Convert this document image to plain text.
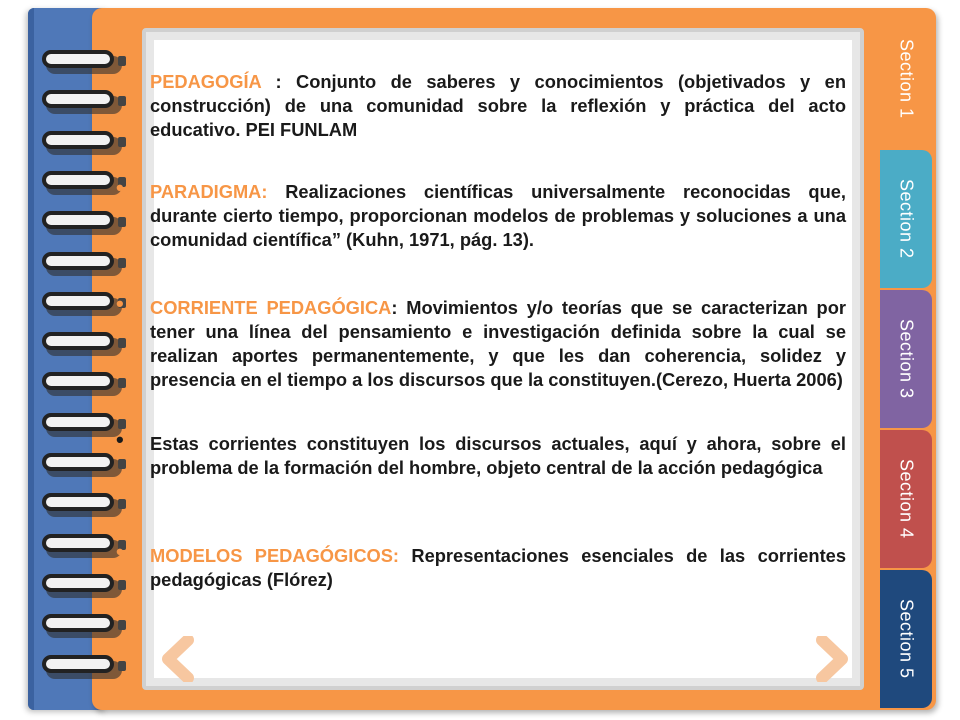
Section 1
Section 2
Section 3
Section 4
Section 5
PEDAGOGÍA : Conjunto de saberes y conocimientos (objetivados y en construcción) de una comunidad sobre la reflexión y práctica del acto educativo. PEI FUNLAM
• PARADIGMA: Realizaciones científicas universalmente reconocidas que, durante cierto tiempo, proporcionan modelos de problemas y soluciones a una comunidad científica” (Kuhn, 1971, pág. 13).
• CORRIENTE PEDAGÓGICA: Movimientos y/o teorías que se caracterizan por tener una línea del pensamiento e investigación definida sobre la cual se realizan aportes permanentemente, y que les dan coherencia, solidez y presencia en el tiempo a los discursos que la constituyen.(Cerezo, Huerta 2006)
• Estas corrientes constituyen los discursos actuales, aquí y ahora, sobre el problema de la formación del hombre, objeto central de la acción pedagógica
• MODELOS PEDAGÓGICOS: Representaciones esenciales de las corrientes pedagógicas (Flórez)
